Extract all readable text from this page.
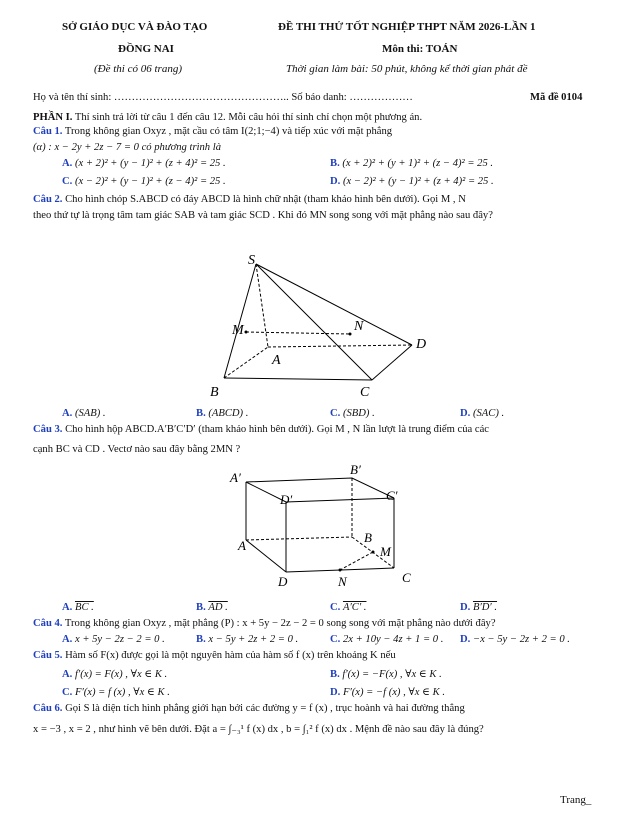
SỞ GIÁO DỤC VÀ ĐÀO TẠO
ĐỒNG NAI
(Đề thi có 06 trang)
ĐỀ THI THỬ TỐT NGHIỆP THPT NĂM 2026-LẦN 1
Môn thi: TOÁN
Thời gian làm bài: 50 phút, không kể thời gian phát đề
Họ và tên thí sinh: ………………………………………….. Số báo danh: ………………	Mã đề 0104
PHẦN I. Thí sinh trả lời từ câu 1 đến câu 12. Mỗi câu hỏi thí sinh chỉ chọn một phương án.
Câu 1. Trong không gian Oxyz , mặt cầu có tâm I(2;1;−4) và tiếp xúc với mặt phẳng
(α) : x − 2y + 2z − 7 = 0 có phương trình là
A. (x + 2)² + (y − 1)² + (z + 4)² = 25 .	B. (x + 2)² + (y + 1)² + (z − 4)² = 25 .
C. (x − 2)² + (y − 1)² + (z − 4)² = 25 .	D. (x − 2)² + (y − 1)² + (z + 4)² = 25 .
Câu 2. Cho hình chóp S.ABCD có đáy ABCD là hình chữ nhật (tham khảo hình bên dưới). Gọi M , N
theo thứ tự là trọng tâm tam giác SAB và tam giác SCD . Khi đó MN song song với mặt phẳng nào sau đây?
S
M	N
D
A
B	C
A. (SAB) .	B. (ABCD) .	C. (SBD) .	D. (SAC) .
Câu 3. Cho hình hộp ABCD.A′B′C′D′ (tham khảo hình bên dưới). Gọi M , N lần lượt là trung điểm của các
cạnh BC và CD . Vectơ nào sau đây bằng 2MN ?
A′
B′
C′
D′
A
B
M
D	N	C
A. BC .	B. AD .	C. A′C′ .	D. B′D′ .
Câu 4. Trong không gian Oxyz , mặt phẳng (P) : x + 5y − 2z − 2 = 0 song song với mặt phẳng nào dưới đây?
A. x + 5y − 2z − 2 = 0 .	B. x − 5y + 2z + 2 = 0 .	C. 2x + 10y − 4z + 1 = 0 . D. −x − 5y − 2z + 2 = 0 .
Câu 5. Hàm số F(x) được gọi là một nguyên hàm của hàm số f (x) trên khoảng K nếu
A. f′(x) = F(x) , ∀x ∈ K .	B. f′(x) = −F(x) , ∀x ∈ K .
C. F′(x) = f (x) , ∀x ∈ K .	D. F′(x) = −f (x) , ∀x ∈ K .
Câu 6. Gọi S là diện tích hình phẳng giới hạn bởi các đường y = f (x) , trục hoành và hai đường thẳng
x = −3 , x = 2 , như hình vẽ bên dưới. Đặt a = ∫₋₃¹ f (x) dx , b = ∫₁² f (x) dx . Mệnh đề nào sau đây là đúng?
Trang_
